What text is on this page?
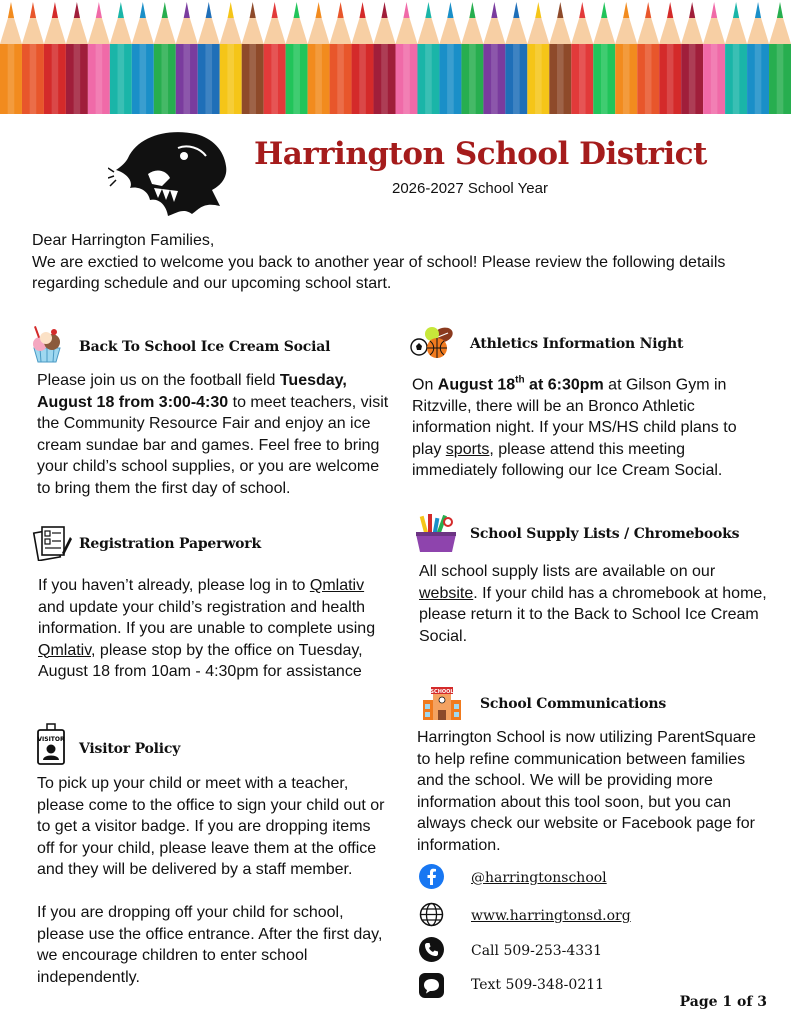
Harrington School District
2026-2027 School Year

Dear Harrington Families,

We are exctied to welcome you back to another year of school! Please review the following details regarding schedule and our upcoming school start.

Back To School Ice Cream Social
Please join us on the football field Tuesday, August 18 from 3:00-4:30 to meet teachers, visit the Community Resource Fair and enjoy an ice cream sundae bar and games. Feel free to bring your child’s school supplies, or you are welcome to bring them the first day of school.
Registration Paperwork
If you haven’t already, please log in to Qmlativ and update your child’s registration and health information. If you are unable to complete using Qmlativ, please stop by the office on Tuesday, August 18 from 10am - 4:30pm for assistance
VISITOR
Visitor Policy
To pick up your child or meet with a teacher, please come to the office to sign your child out or to get a visitor badge. If you are dropping items off for your child, please leave them at the office and they will be delivered by a staff member.
If you are dropping off your child for school, please use the office entrance. After the first day, we encourage children to enter school independently.
Athletics Information Night
On August 18th at 6:30pm at Gilson Gym in Ritzville, there will be an Bronco Athletic information night. If your MS/HS child plans to play sports, please attend this meeting immediately following our Ice Cream Social.
School Supply Lists / Chromebooks
All school supply lists are available on our website. If your child has a chromebook at home, please return it to the Back to School Ice Cream Social.
SCHOOL
School Communications
Harrington School is now utilizing ParentSquare to help refine communication between families and the school. We will be providing more information about this tool soon, but you can always check our website or Facebook page for information.
@harringtonschool
www.harringtonsd.org
Call 509-253-4331
Text 509-348-0211
Page 1 of 3
